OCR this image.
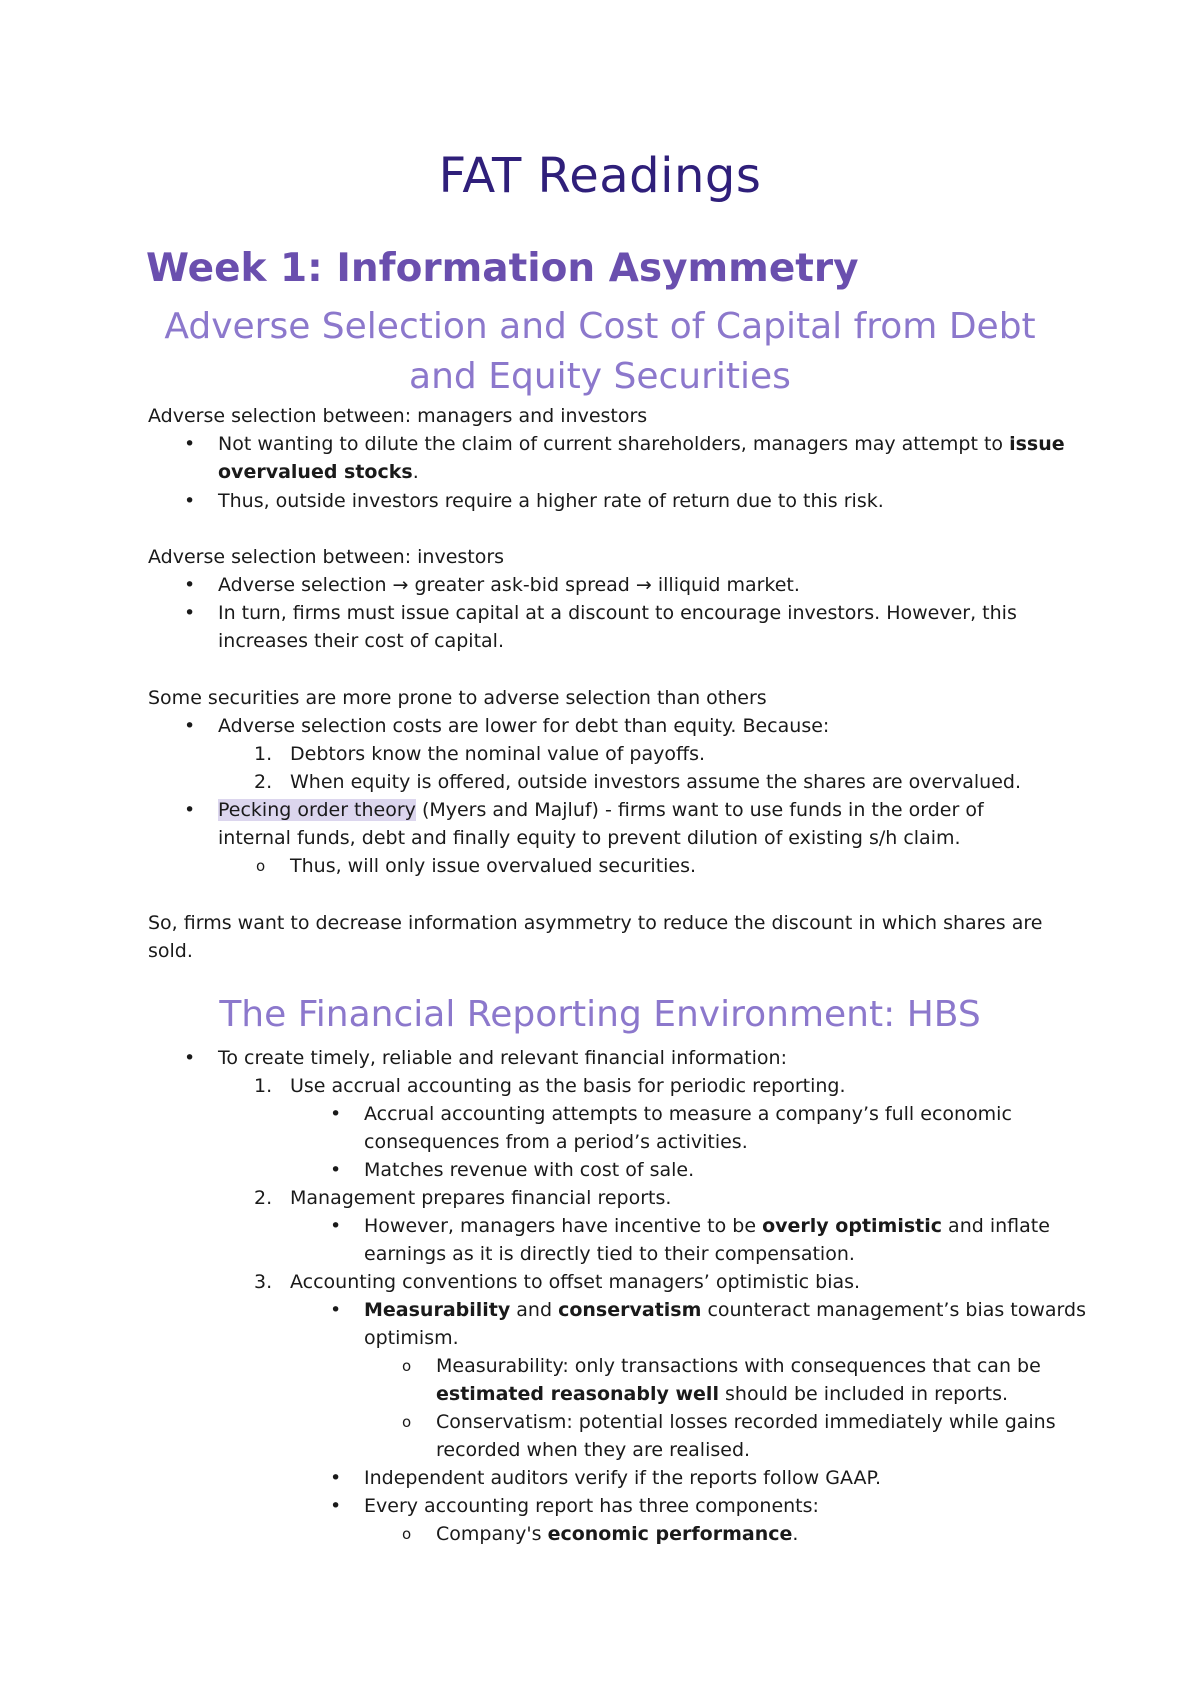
FAT Readings
Week 1: Information Asymmetry
Adverse Selection and Cost of Capital from Debt
and Equity Securities
Adverse selection between: managers and investors
• Not wanting to dilute the claim of current shareholders, managers may attempt to issue
overvalued stocks.
• Thus, outside investors require a higher rate of return due to this risk.
Adverse selection between: investors
• Adverse selection → greater ask-bid spread → illiquid market.
• In turn, firms must issue capital at a discount to encourage investors. However, this
increases their cost of capital.
Some securities are more prone to adverse selection than others
• Adverse selection costs are lower for debt than equity. Because:
1. Debtors know the nominal value of payoffs.
2. When equity is offered, outside investors assume the shares are overvalued.
• Pecking order theory (Myers and Majluf) - firms want to use funds in the order of
internal funds, debt and finally equity to prevent dilution of existing s/h claim.
o Thus, will only issue overvalued securities.
So, firms want to decrease information asymmetry to reduce the discount in which shares are
sold.
The Financial Reporting Environment: HBS
• To create timely, reliable and relevant financial information:
1. Use accrual accounting as the basis for periodic reporting.
• Accrual accounting attempts to measure a company’s full economic
consequences from a period’s activities.
• Matches revenue with cost of sale.
2. Management prepares financial reports.
• However, managers have incentive to be overly optimistic and inflate
earnings as it is directly tied to their compensation.
3. Accounting conventions to offset managers’ optimistic bias.
• Measurability and conservatism counteract management’s bias towards
optimism.
o Measurability: only transactions with consequences that can be
estimated reasonably well should be included in reports.
o Conservatism: potential losses recorded immediately while gains
recorded when they are realised.
• Independent auditors verify if the reports follow GAAP.
• Every accounting report has three components:
o Company's economic performance.
